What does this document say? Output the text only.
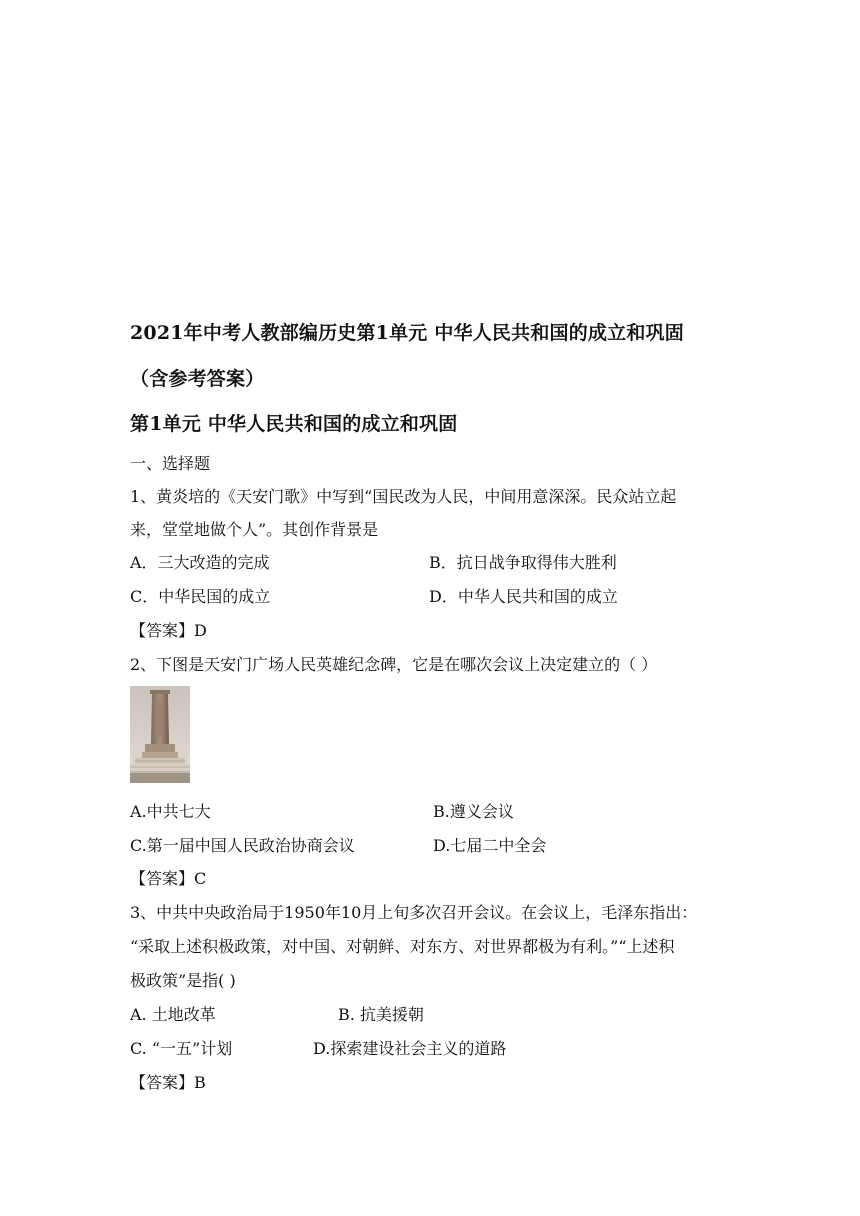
2021年中考人教部编历史第1单元 中华人民共和国的成立和巩固
（含参考答案）
第1单元 中华人民共和国的成立和巩固
一、选择题
1、黄炎培的《天安门歌》中写到“国民改为人民，中间用意深深。民众站立起
来，堂堂地做个人”。其创作背景是
A．三大改造的完成	B．抗日战争取得伟大胜利
C．中华民国的成立	D．中华人民共和国的成立
【答案】D
2、下图是天安门广场人民英雄纪念碑，它是在哪次会议上决定建立的（ ）
A.中共七大	B.遵义会议
C.第一届中国人民政治协商会议	D.七届二中全会
【答案】C
3、中共中央政治局于1950年10月上旬多次召开会议。在会议上，毛泽东指出：
“采取上述积极政策，对中国、对朝鲜、对东方、对世界都极为有利。”“上述积
极政策”是指( )
A. 土地改革	B. 抗美援朝
C. “一五”计划	D.探索建设社会主义的道路
【答案】B
